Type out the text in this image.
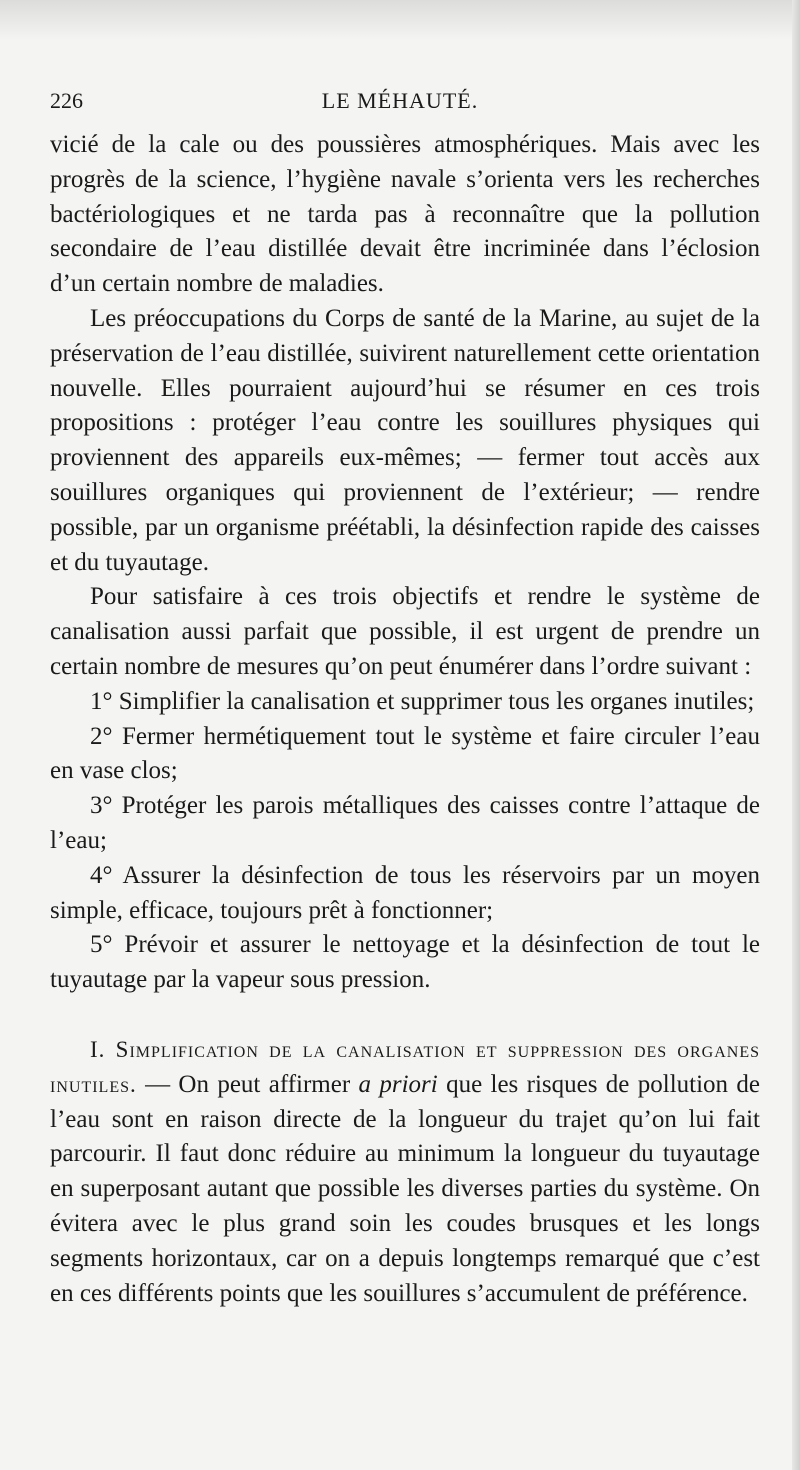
226	LE MÉHAUTÉ.

vicié de la cale ou des poussières atmosphériques. Mais avec les progrès de la science, l’hygiène navale s’orienta vers les recherches bactériologiques et ne tarda pas à reconnaître que la pollution secondaire de l’eau distillée devait être incriminée dans l’éclosion d’un certain nombre de maladies.

Les préoccupations du Corps de santé de la Marine, au sujet de la préservation de l’eau distillée, suivirent naturellement cette orientation nouvelle. Elles pourraient aujourd’hui se résumer en ces trois propositions : protéger l’eau contre les souillures physiques qui proviennent des appareils eux-mêmes; — fermer tout accès aux souillures organiques qui proviennent de l’extérieur; — rendre possible, par un organisme préétabli, la désinfection rapide des caisses et du tuyautage.

Pour satisfaire à ces trois objectifs et rendre le système de canalisation aussi parfait que possible, il est urgent de prendre un certain nombre de mesures qu’on peut énumérer dans l’ordre suivant :

1° Simplifier la canalisation et supprimer tous les organes inutiles;

2° Fermer hermétiquement tout le système et faire circuler l’eau en vase clos;

3° Protéger les parois métalliques des caisses contre l’attaque de l’eau;

4° Assurer la désinfection de tous les réservoirs par un moyen simple, efficace, toujours prêt à fonctionner;

5° Prévoir et assurer le nettoyage et la désinfection de tout le tuyautage par la vapeur sous pression.

I. Simplification de la canalisation et suppression des organes inutiles. — On peut affirmer a priori que les risques de pollution de l’eau sont en raison directe de la longueur du trajet qu’on lui fait parcourir. Il faut donc réduire au minimum la longueur du tuyautage en superposant autant que possible les diverses parties du système. On évitera avec le plus grand soin les coudes brusques et les longs segments horizontaux, car on a depuis longtemps remarqué que c’est en ces différents points que les souillures s’accumulent de préférence.
